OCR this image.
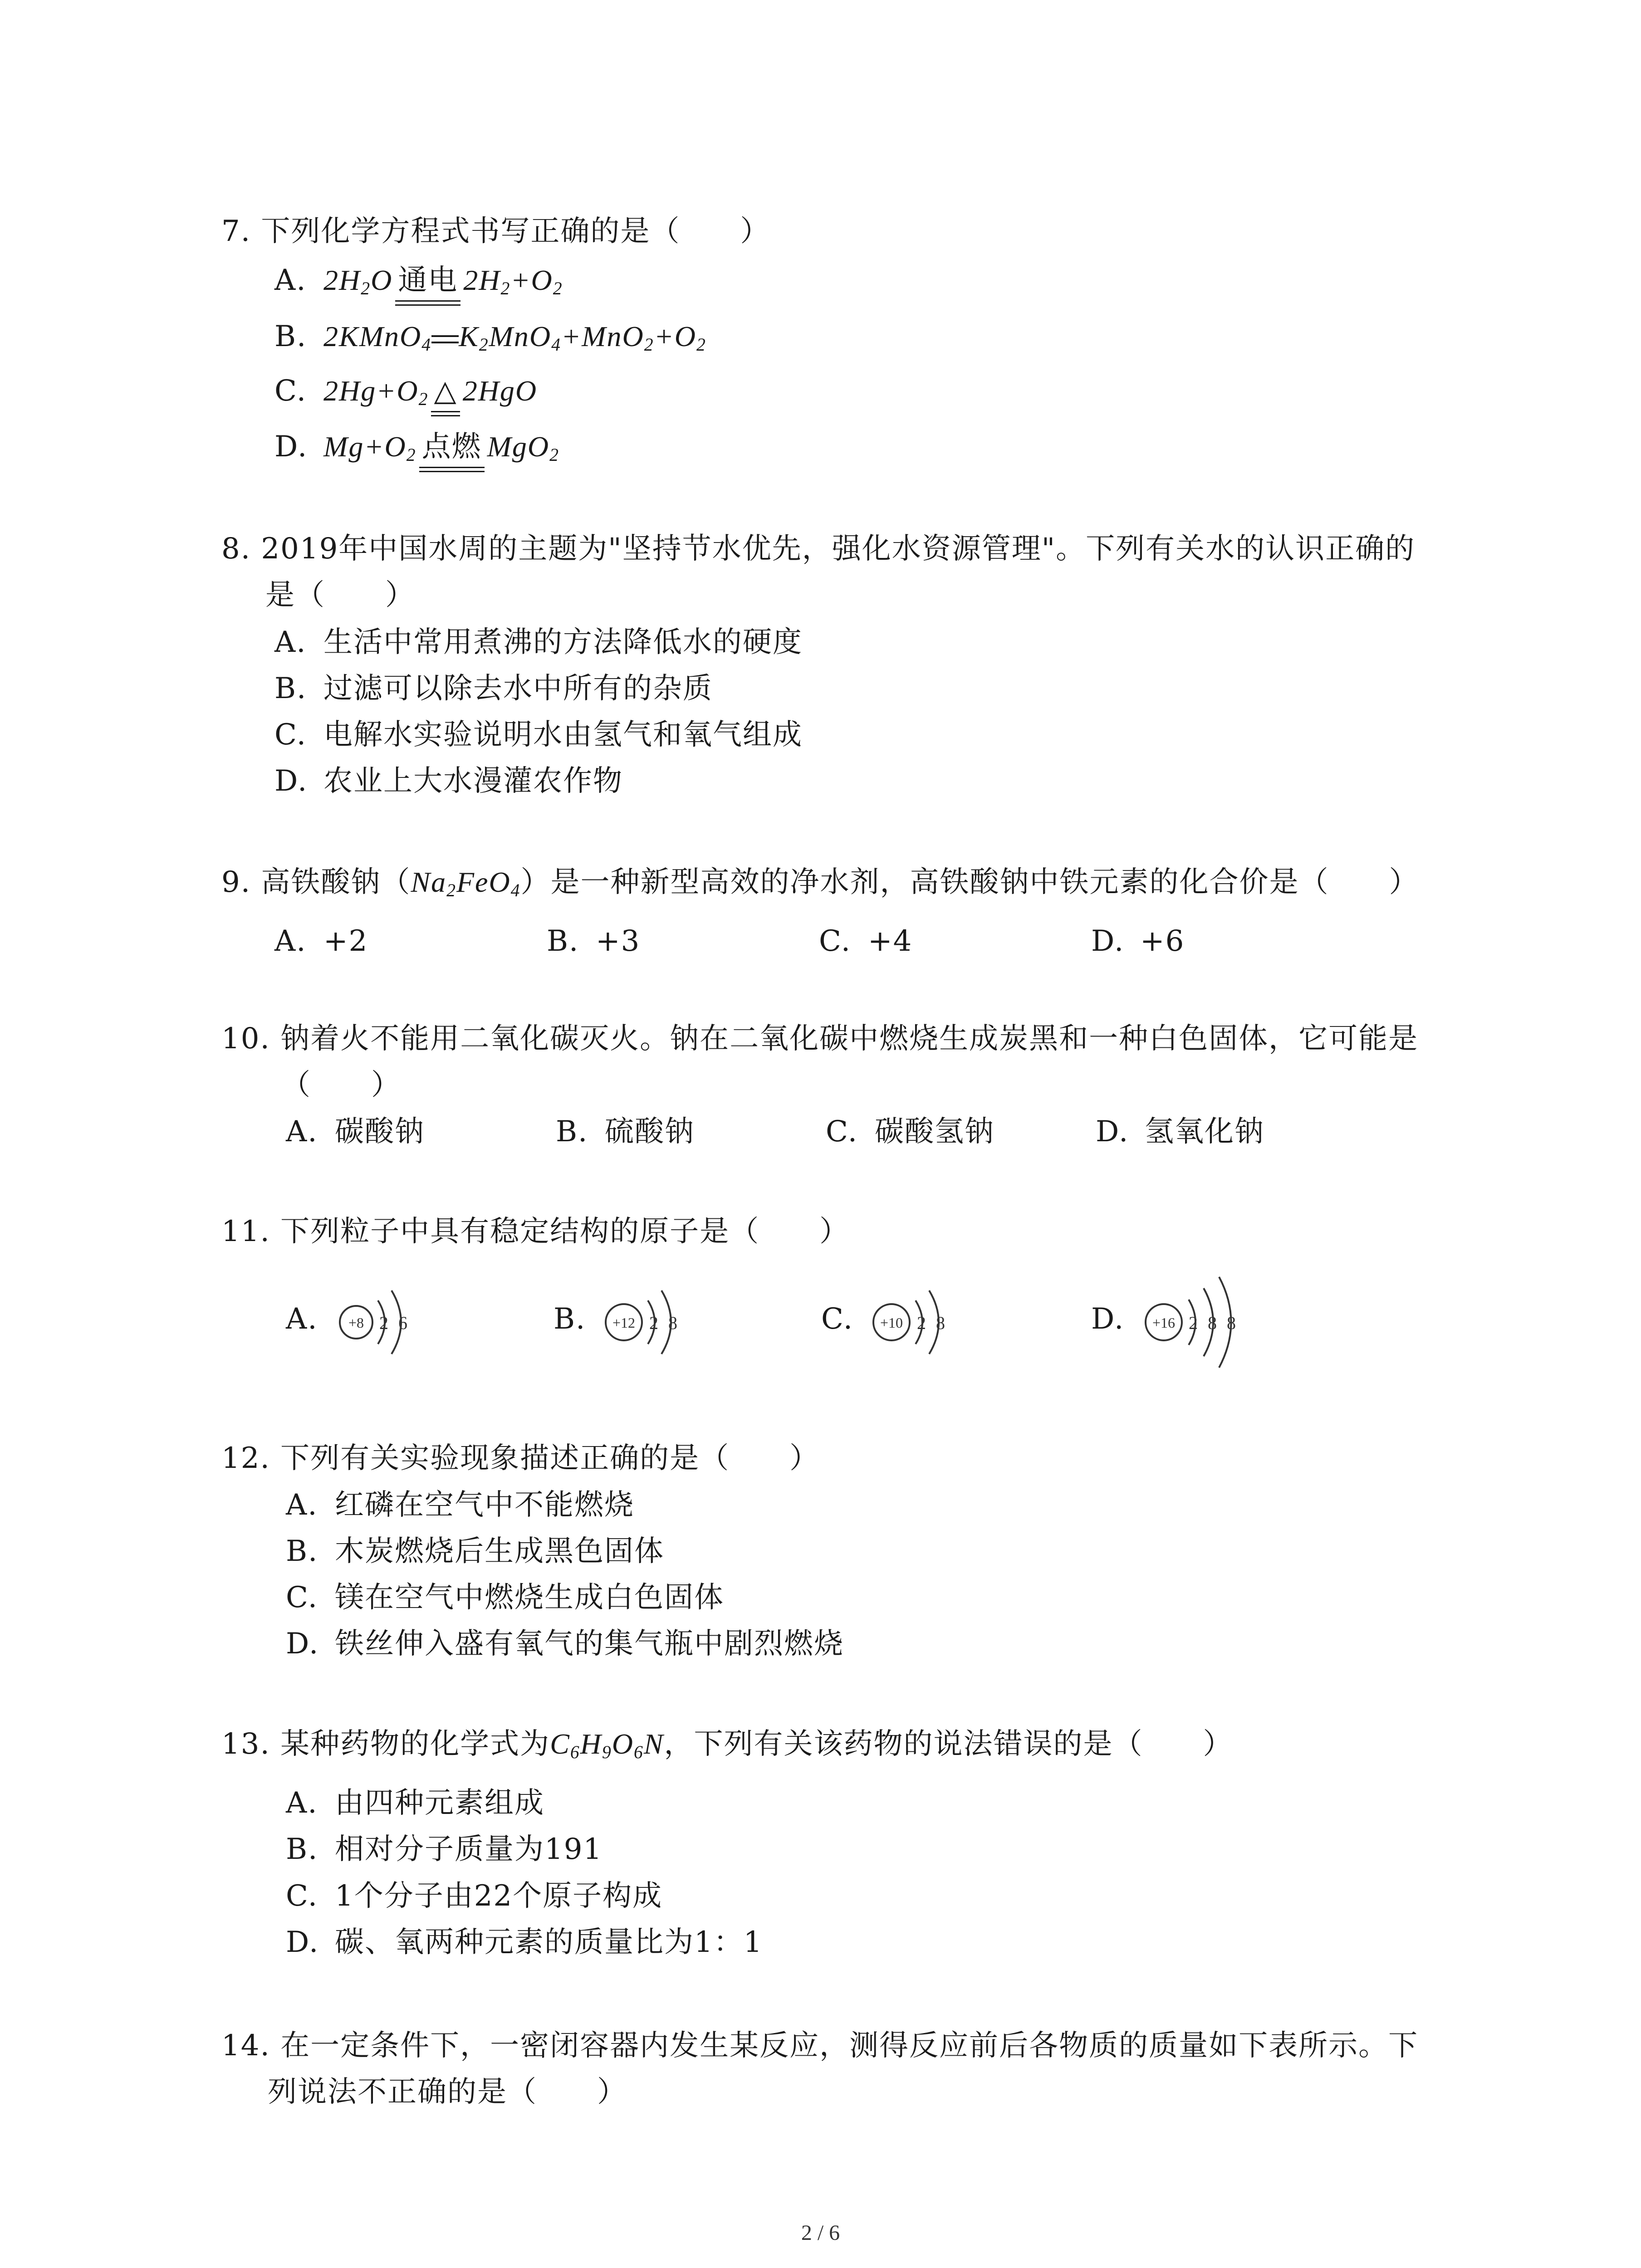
7. 下列化学方程式书写正确的是（　　）
A. $2H_2O$ 通电 $2H_2+O_2$
B. 2KMnO$_4$ $K_2MnO_4+MnO_2+O_2$
C. $2Hg+O_2$ △ 2HgO
D. $Mg+O_2$ 点燃 MgO$_2$
8. 2019年中国水周的主题为"坚持节水优先，强化水资源管理"。下列有关水的认识正确的
是（　　）
A. 生活中常用煮沸的方法降低水的硬度
B. 过滤可以除去水中所有的杂质
C. 电解水实验说明水由氢气和氧气组成
D. 农业上大水漫灌农作物
9. 高铁酸钠$(Na_2FeO_4)$是一种新型高效的净水剂，高铁酸钠中铁元素的化合价是（　　）
A. +2	B. +3	C. +4	D. +6
10. 钠着火不能用二氧化碳灭火。钠在二氧化碳中燃烧生成炭黑和一种白色固体，它可能是
（　　）
A. 碳酸钠	B. 硫酸钠	C. 碳酸氢钠	D. 氢氧化钠
11. 下列粒子中具有稳定结构的原子是（　　）
A. +8 2 6	B. +12 2 8	C. +10 2 8	D. +16 2 8 8
12. 下列有关实验现象描述正确的是（　　）
A. 红磷在空气中不能燃烧
B. 木炭燃烧后生成黑色固体
C. 镁在空气中燃烧生成白色固体
D. 铁丝伸入盛有氧气的集气瓶中剧烈燃烧
13. 某种药物的化学式为$C_6H_9O_6N$，下列有关该药物的说法错误的是（　　）
A. 由四种元素组成
B. 相对分子质量为191
C. 1个分子由22个原子构成
D. 碳、氧两种元素的质量比为1：1
14. 在一定条件下，一密闭容器内发生某反应，测得反应前后各物质的质量如下表所示。下
列说法不正确的是（　　）
2 / 6
